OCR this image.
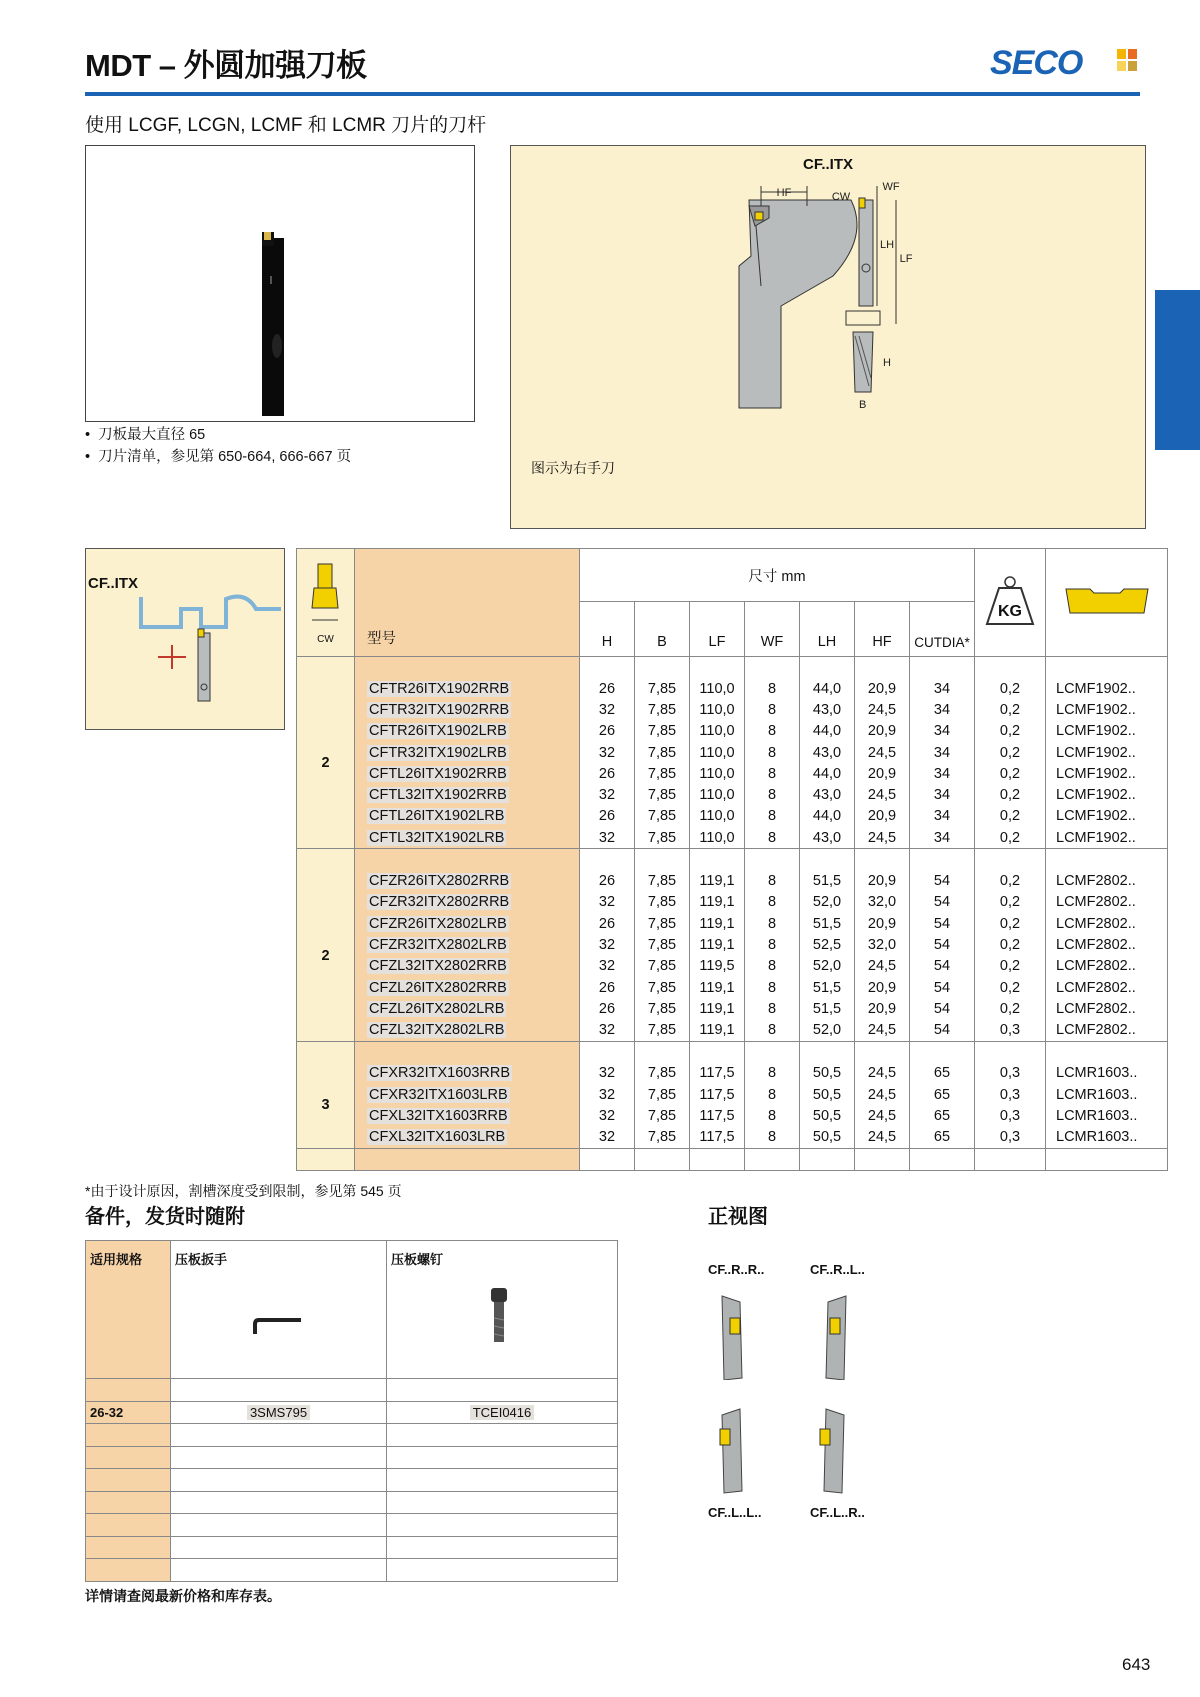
MDT – 外圆加强刀板	SECO
使用 LCGF, LCGN, LCMF 和 LCMR 刀片的刀杆
• 刀板最大直径 65
• 刀片清单，参见第 650-664, 666-667 页
CF..ITX
HF	CW
WF
LH
LF
H
B
图示为右手刀
CF..ITX
CW	型号	尺寸 mm							KG

		H	B	LF	WF	LH	HF	CUTDIA*		

2	CFTR26ITX1902RRB	26	7,85	110,0	8	44,0	20,9	34	0,2	LCMF1902..
	CFTR32ITX1902RRB	32	7,85	110,0	8	43,0	24,5	34	0,2	LCMF1902..
	CFTR26ITX1902LRB	26	7,85	110,0	8	44,0	20,9	34	0,2	LCMF1902..
	CFTR32ITX1902LRB	32	7,85	110,0	8	43,0	24,5	34	0,2	LCMF1902..
	CFTL26ITX1902RRB	26	7,85	110,0	8	44,0	20,9	34	0,2	LCMF1902..
	CFTL32ITX1902RRB	32	7,85	110,0	8	43,0	24,5	34	0,2	LCMF1902..
	CFTL26ITX1902LRB	26	7,85	110,0	8	44,0	20,9	34	0,2	LCMF1902..
	CFTL32ITX1902LRB	32	7,85	110,0	8	43,0	24,5	34	0,2	LCMF1902..

2	CFZR26ITX2802RRB	26	7,85	119,1	8	51,5	20,9	54	0,2	LCMF2802..
	CFZR32ITX2802RRB	32	7,85	119,1	8	52,0	32,0	54	0,2	LCMF2802..
	CFZR26ITX2802LRB	26	7,85	119,1	8	51,5	20,9	54	0,2	LCMF2802..
	CFZR32ITX2802LRB	32	7,85	119,1	8	52,5	32,0	54	0,2	LCMF2802..
	CFZL32ITX2802RRB	32	7,85	119,5	8	52,0	24,5	54	0,2	LCMF2802..
	CFZL26ITX2802RRB	26	7,85	119,1	8	51,5	20,9	54	0,2	LCMF2802..
	CFZL26ITX2802LRB	26	7,85	119,1	8	51,5	20,9	54	0,2	LCMF2802..
	CFZL32ITX2802LRB	32	7,85	119,1	8	52,0	24,5	54	0,3	LCMF2802..

3	CFXR32ITX1603RRB	32	7,85	117,5	8	50,5	24,5	65	0,3	LCMR1603..
	CFXR32ITX1603LRB	32	7,85	117,5	8	50,5	24,5	65	0,3	LCMR1603..
	CFXL32ITX1603RRB	32	7,85	117,5	8	50,5	24,5	65	0,3	LCMR1603..
	CFXL32ITX1603LRB	32	7,85	117,5	8	50,5	24,5	65	0,3	LCMR1603..

*由于设计原因，割槽深度受到限制，参见第 545 页
备件，发货时随附	正视图
适用规格	压板扳手	压板螺钉

26-32	3SMS795	TCEI0416

CF..R..R..	CF..R..L..
CF..L..L..	CF..L..R..
详情请查阅最新价格和库存表。
643
